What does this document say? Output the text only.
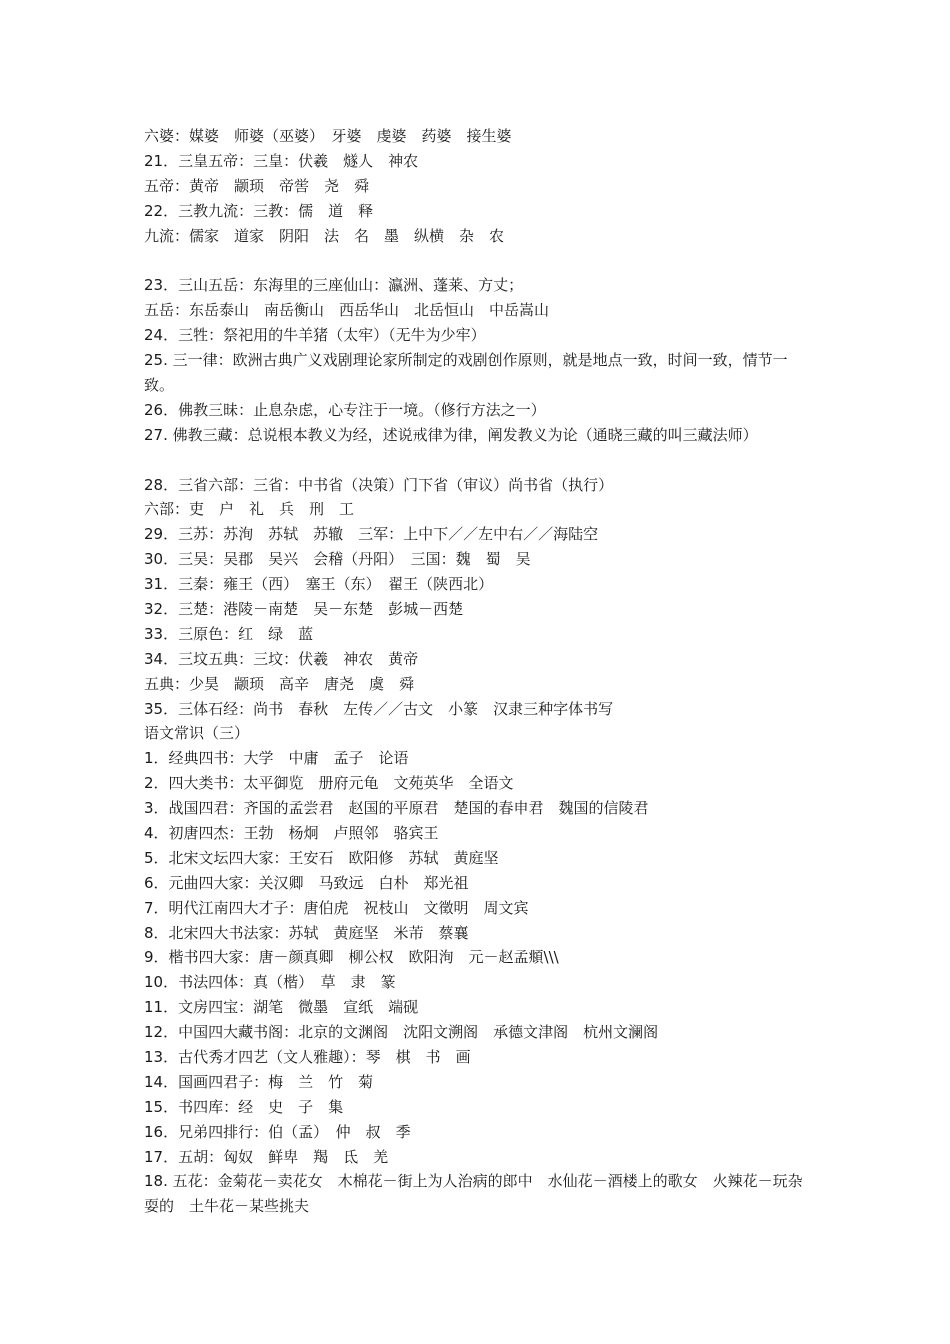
六婆：媒婆　师婆（巫婆）　牙婆　虔婆　药婆　接生婆
21．三皇五帝：三皇：伏羲　燧人　神农
五帝：黄帝　颛顼　帝喾　尧　舜
22．三教九流：三教：儒　道　释
九流：儒家　道家　阴阳　法　名　墨　纵横　杂　农
23．三山五岳：东海里的三座仙山：瀛洲、蓬莱、方丈；
五岳：东岳泰山　南岳衡山　西岳华山　北岳恒山　中岳嵩山
24．三牲：祭祀用的牛羊猪（太牢）（无牛为少牢）
25. 三一律：欧洲古典广义戏剧理论家所制定的戏剧创作原则，就是地点一致，时间一致，情节一致。
26．佛教三昧：止息杂虑，心专注于一境。（修行方法之一）
27. 佛教三藏：总说根本教义为经，述说戒律为律，阐发教义为论（通晓三藏的叫三藏法师）
28．三省六部：三省：中书省（决策）门下省（审议）尚书省（执行）
六部：吏　户　礼　兵　刑　工
29．三苏：苏洵　苏轼　苏辙　三军：上中下／／左中右／／海陆空
30．三吴：吴郡　吴兴　会稽（丹阳）　三国：魏　蜀　吴
31．三秦：雍王（西）　塞王（东）　翟王（陕西北）
32．三楚：港陵－南楚　吴－东楚　彭城－西楚
33．三原色：红　绿　蓝
34．三坟五典：三坟：伏羲　神农　黄帝
五典：少昊　颛顼　高辛　唐尧　虞　舜
35．三体石经：尚书　春秋　左传／／古文　小篆　汉隶三种字体书写
语文常识（三）
1．经典四书：大学　中庸　孟子　论语
2．四大类书：太平御览　册府元龟　文苑英华　全语文
3．战国四君：齐国的孟尝君　赵国的平原君　楚国的春申君　魏国的信陵君
4．初唐四杰：王勃　杨炯　卢照邻　骆宾王
5．北宋文坛四大家：王安石　欧阳修　苏轼　黄庭坚
6．元曲四大家：关汉卿　马致远　白朴　郑光祖
7．明代江南四大才子：唐伯虎　祝枝山　文徵明　周文宾
8．北宋四大书法家：苏轼　黄庭坚　米芾　蔡襄
9．楷书四大家：唐－颜真卿　柳公权　欧阳洵　元－赵孟頫\\\
10．书法四体：真（楷）　草　隶　篆
11．文房四宝：湖笔　微墨　宣纸　端砚
12．中国四大藏书阁：北京的文渊阁　沈阳文溯阁　承德文津阁　杭州文澜阁
13．古代秀才四艺（文人雅趣）：琴　棋　书　画
14．国画四君子：梅　兰　竹　菊
15．书四库：经　史　子　集
16．兄弟四排行：伯（孟）　仲　叔　季
17．五胡：匈奴　鲜卑　羯　氐　羌
18. 五花：金菊花－卖花女　木棉花－街上为人治病的郎中　水仙花－酒楼上的歌女　火辣花－玩杂耍的　土牛花－某些挑夫
